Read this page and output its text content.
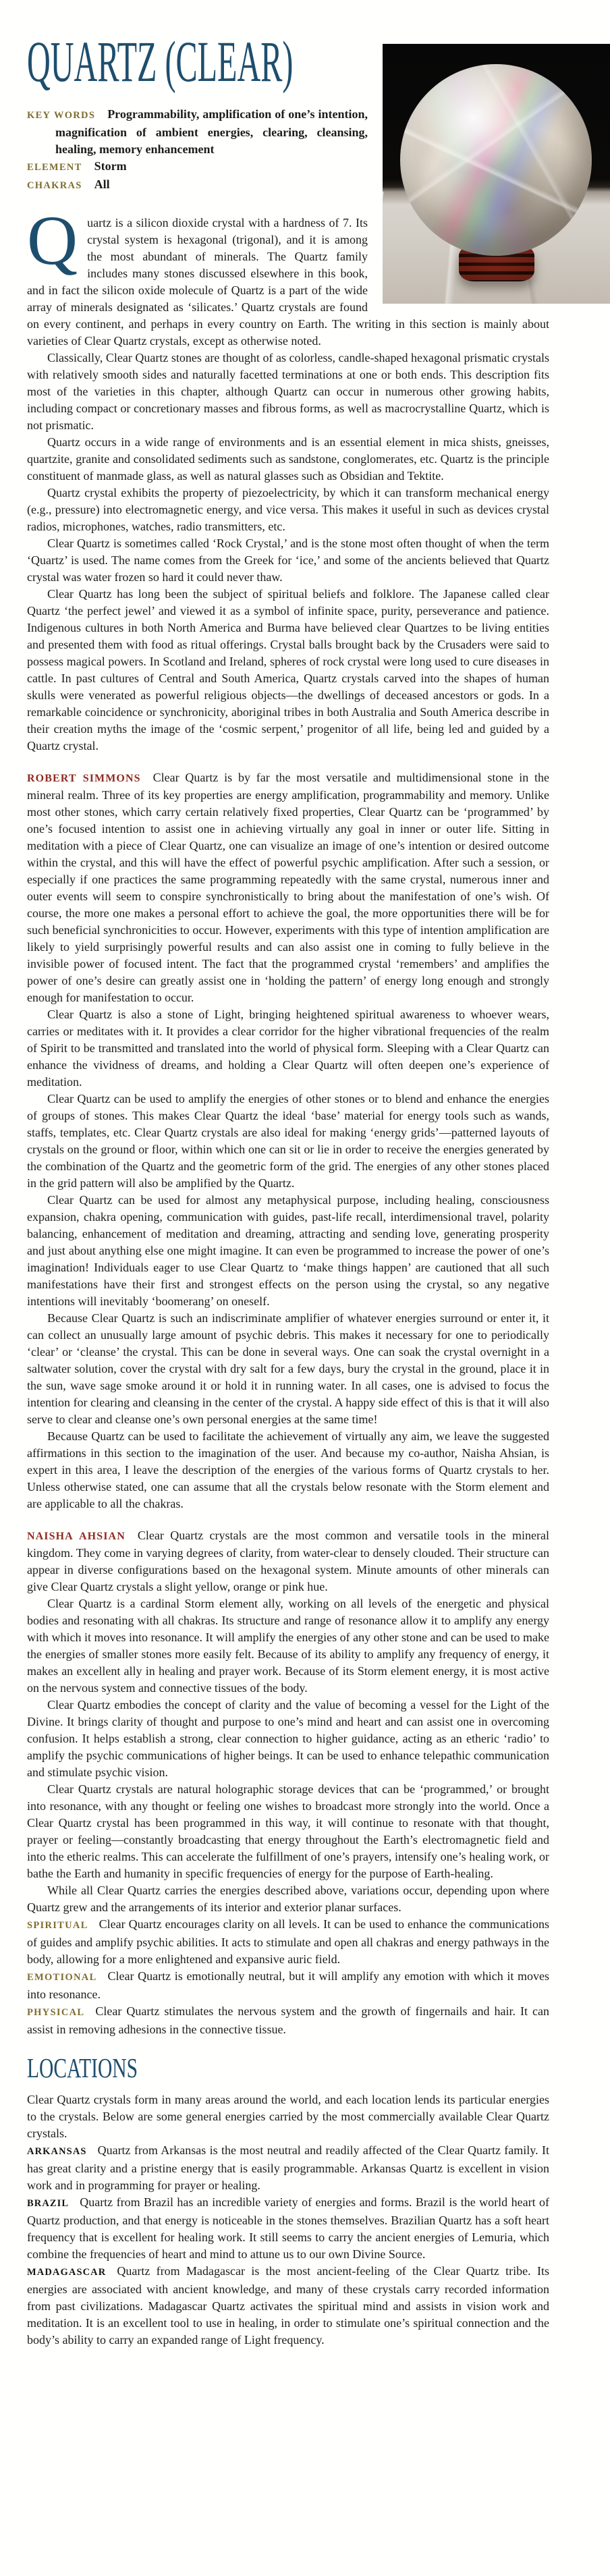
QUARTZ (CLEAR)

KEY WORDS Programmability, amplification of one’s intention, magnification of ambient energies, clearing, cleansing, healing, memory enhancement

ELEMENT Storm

CHAKRAS All

Quartz is a silicon dioxide crystal with a hardness of 7. Its crystal system is hexagonal (trigonal), and it is among the most abundant of minerals. The Quartz family includes many stones discussed elsewhere in this book, and in fact the silicon oxide molecule of Quartz is a part of the wide array of minerals designated as ‘silicates.’ Quartz crystals are found on every continent, and perhaps in every country on Earth. The writing in this section is mainly about varieties of Clear Quartz crystals, except as otherwise noted.

Classically, Clear Quartz stones are thought of as colorless, candle-shaped hexagonal prismatic crystals with relatively smooth sides and naturally facetted terminations at one or both ends. This description fits most of the varieties in this chapter, although Quartz can occur in numerous other growing habits, including compact or concretionary masses and fibrous forms, as well as macrocrystalline Quartz, which is not prismatic.

Quartz occurs in a wide range of environments and is an essential element in mica shists, gneisses, quartzite, granite and consolidated sediments such as sandstone, conglomerates, etc. Quartz is the principle constituent of manmade glass, as well as natural glasses such as Obsidian and Tektite.

Quartz crystal exhibits the property of piezoelectricity, by which it can transform mechanical energy (e.g., pressure) into electromagnetic energy, and vice versa. This makes it useful in such as devices crystal radios, microphones, watches, radio transmitters, etc.

Clear Quartz is sometimes called ‘Rock Crystal,’ and is the stone most often thought of when the term ‘Quartz’ is used. The name comes from the Greek for ‘ice,’ and some of the ancients believed that Quartz crystal was water frozen so hard it could never thaw.

Clear Quartz has long been the subject of spiritual beliefs and folklore. The Japanese called clear Quartz ‘the perfect jewel’ and viewed it as a symbol of infinite space, purity, perseverance and patience. Indigenous cultures in both North America and Burma have believed clear Quartzes to be living entities and presented them with food as ritual offerings. Crystal balls brought back by the Crusaders were said to possess magical powers. In Scotland and Ireland, spheres of rock crystal were long used to cure diseases in cattle. In past cultures of Central and South America, Quartz crystals carved into the shapes of human skulls were venerated as powerful religious objects—the dwellings of deceased ancestors or gods. In a remarkable coincidence or synchronicity, aboriginal tribes in both Australia and South America describe in their creation myths the image of the ‘cosmic serpent,’ progenitor of all life, being led and guided by a Quartz crystal.

ROBERT SIMMONS Clear Quartz is by far the most versatile and multidimensional stone in the mineral realm. Three of its key properties are energy amplification, programmability and memory. Unlike most other stones, which carry certain relatively fixed properties, Clear Quartz can be ‘programmed’ by one’s focused intention to assist one in achieving virtually any goal in inner or outer life. Sitting in meditation with a piece of Clear Quartz, one can visualize an image of one’s intention or desired outcome within the crystal, and this will have the effect of powerful psychic amplification. After such a session, or especially if one practices the same programming repeatedly with the same crystal, numerous inner and outer events will seem to conspire synchronistically to bring about the manifestation of one’s wish. Of course, the more one makes a personal effort to achieve the goal, the more opportunities there will be for such beneficial synchronicities to occur. However, experiments with this type of intention amplification are likely to yield surprisingly powerful results and can also assist one in coming to fully believe in the invisible power of focused intent. The fact that the programmed crystal ‘remembers’ and amplifies the power of one’s desire can greatly assist one in ‘holding the pattern’ of energy long enough and strongly enough for manifestation to occur.

Clear Quartz is also a stone of Light, bringing heightened spiritual awareness to whoever wears, carries or meditates with it. It provides a clear corridor for the higher vibrational frequencies of the realm of Spirit to be transmitted and translated into the world of physical form. Sleeping with a Clear Quartz can enhance the vividness of dreams, and holding a Clear Quartz will often deepen one’s experience of meditation.

Clear Quartz can be used to amplify the energies of other stones or to blend and enhance the energies of groups of stones. This makes Clear Quartz the ideal ‘base’ material for energy tools such as wands, staffs, templates, etc. Clear Quartz crystals are also ideal for making ‘energy grids’—patterned layouts of crystals on the ground or floor, within which one can sit or lie in order to receive the energies generated by the combination of the Quartz and the geometric form of the grid. The energies of any other stones placed in the grid pattern will also be amplified by the Quartz.

Clear Quartz can be used for almost any metaphysical purpose, including healing, consciousness expansion, chakra opening, communication with guides, past-life recall, interdimensional travel, polarity balancing, enhancement of meditation and dreaming, attracting and sending love, generating prosperity and just about anything else one might imagine. It can even be programmed to increase the power of one’s imagination! Individuals eager to use Clear Quartz to ‘make things happen’ are cautioned that all such manifestations have their first and strongest effects on the person using the crystal, so any negative intentions will inevitably ‘boomerang’ on oneself.

Because Clear Quartz is such an indiscriminate amplifier of whatever energies surround or enter it, it can collect an unusually large amount of psychic debris. This makes it necessary for one to periodically ‘clear’ or ‘cleanse’ the crystal. This can be done in several ways. One can soak the crystal overnight in a saltwater solution, cover the crystal with dry salt for a few days, bury the crystal in the ground, place it in the sun, wave sage smoke around it or hold it in running water. In all cases, one is advised to focus the intention for clearing and cleansing in the center of the crystal. A happy side effect of this is that it will also serve to clear and cleanse one’s own personal energies at the same time!

Because Quartz can be used to facilitate the achievement of virtually any aim, we leave the suggested affirmations in this section to the imagination of the user. And because my co-author, Naisha Ahsian, is expert in this area, I leave the description of the energies of the various forms of Quartz crystals to her. Unless otherwise stated, one can assume that all the crystals below resonate with the Storm element and are applicable to all the chakras.

NAISHA AHSIAN Clear Quartz crystals are the most common and versatile tools in the mineral kingdom. They come in varying degrees of clarity, from water-clear to densely clouded. Their structure can appear in diverse configurations based on the hexagonal system. Minute amounts of other minerals can give Clear Quartz crystals a slight yellow, orange or pink hue.

Clear Quartz is a cardinal Storm element ally, working on all levels of the energetic and physical bodies and resonating with all chakras. Its structure and range of resonance allow it to amplify any energy with which it moves into resonance. It will amplify the energies of any other stone and can be used to make the energies of smaller stones more easily felt. Because of its ability to amplify any frequency of energy, it makes an excellent ally in healing and prayer work. Because of its Storm element energy, it is most active on the nervous system and connective tissues of the body.

Clear Quartz embodies the concept of clarity and the value of becoming a vessel for the Light of the Divine. It brings clarity of thought and purpose to one’s mind and heart and can assist one in overcoming confusion. It helps establish a strong, clear connection to higher guidance, acting as an etheric ‘radio’ to amplify the psychic communications of higher beings. It can be used to enhance telepathic communication and stimulate psychic vision.

Clear Quartz crystals are natural holographic storage devices that can be ‘programmed,’ or brought into resonance, with any thought or feeling one wishes to broadcast more strongly into the world. Once a Clear Quartz crystal has been programmed in this way, it will continue to resonate with that thought, prayer or feeling—constantly broadcasting that energy throughout the Earth’s electromagnetic field and into the etheric realms. This can accelerate the fulfillment of one’s prayers, intensify one’s healing work, or bathe the Earth and humanity in specific frequencies of energy for the purpose of Earth-healing.

While all Clear Quartz carries the energies described above, variations occur, depending upon where Quartz grew and the arrangements of its interior and exterior planar surfaces.

SPIRITUAL Clear Quartz encourages clarity on all levels. It can be used to enhance the communications of guides and amplify psychic abilities. It acts to stimulate and open all chakras and energy pathways in the body, allowing for a more enlightened and expansive auric field.

EMOTIONAL Clear Quartz is emotionally neutral, but it will amplify any emotion with which it moves into resonance.

PHYSICAL Clear Quartz stimulates the nervous system and the growth of fingernails and hair. It can assist in removing adhesions in the connective tissue.

LOCATIONS

Clear Quartz crystals form in many areas around the world, and each location lends its particular energies to the crystals. Below are some general energies carried by the most commercially available Clear Quartz crystals.

ARKANSAS Quartz from Arkansas is the most neutral and readily affected of the Clear Quartz family. It has great clarity and a pristine energy that is easily programmable. Arkansas Quartz is excellent in vision work and in programming for prayer or healing.

BRAZIL Quartz from Brazil has an incredible variety of energies and forms. Brazil is the world heart of Quartz production, and that energy is noticeable in the stones themselves. Brazilian Quartz has a soft heart frequency that is excellent for healing work. It still seems to carry the ancient energies of Lemuria, which combine the frequencies of heart and mind to attune us to our own Divine Source.

MADAGASCAR Quartz from Madagascar is the most ancient-feeling of the Clear Quartz tribe. Its energies are associated with ancient knowledge, and many of these crystals carry recorded information from past civilizations. Madagascar Quartz activates the spiritual mind and assists in vision work and meditation. It is an excellent tool to use in healing, in order to stimulate one’s spiritual connection and the body’s ability to carry an expanded range of Light frequency.
